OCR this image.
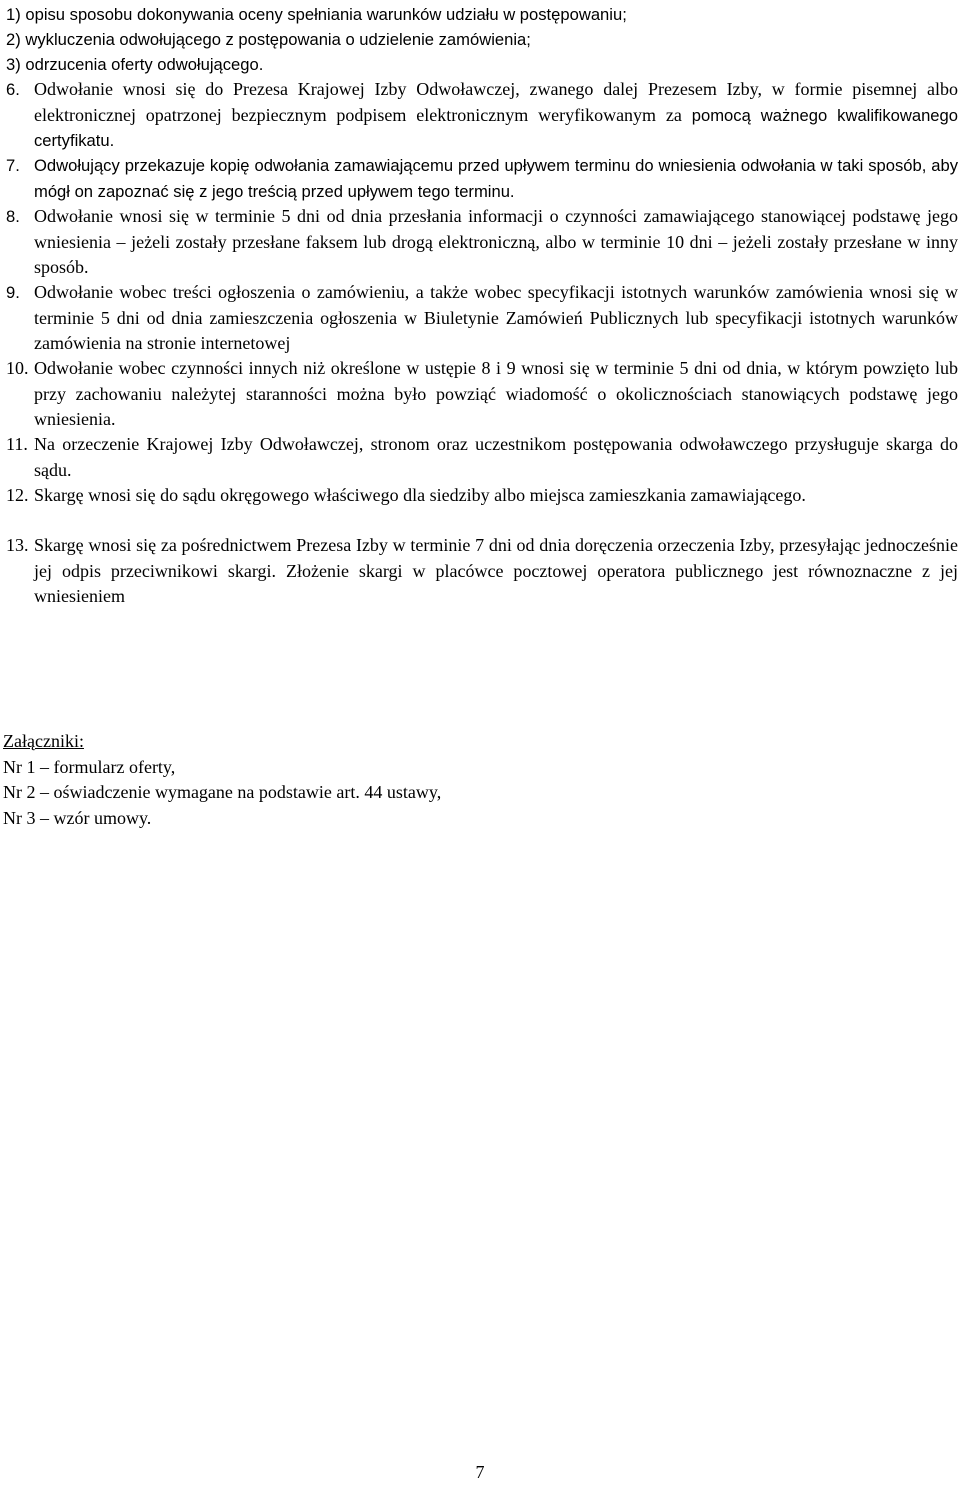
1) opisu sposobu dokonywania oceny spełniania warunków udziału w postępowaniu;
2) wykluczenia odwołującego z postępowania o udzielenie zamówienia;
3) odrzucenia oferty odwołującego.
6. Odwołanie wnosi się do Prezesa Krajowej Izby Odwoławczej, zwanego dalej Prezesem Izby, w formie pisemnej albo elektronicznej opatrzonej bezpiecznym podpisem elektronicznym weryfikowanym za pomocą ważnego kwalifikowanego certyfikatu.
7. Odwołujący przekazuje kopię odwołania zamawiającemu przed upływem terminu do wniesienia odwołania w taki sposób, aby mógł on zapoznać się z jego treścią przed upływem tego terminu.
8. Odwołanie wnosi się w terminie 5 dni od dnia przesłania informacji o czynności zamawiającego stanowiącej podstawę jego wniesienia – jeżeli zostały przesłane faksem lub drogą elektroniczną, albo w terminie 10 dni – jeżeli zostały przesłane w inny sposób.
9. Odwołanie wobec treści ogłoszenia o zamówieniu, a także wobec specyfikacji istotnych warunków zamówienia wnosi się w terminie 5 dni od dnia zamieszczenia ogłoszenia w Biuletynie Zamówień Publicznych lub specyfikacji istotnych warunków zamówienia na stronie internetowej
10. Odwołanie wobec czynności innych niż określone w ustępie 8 i 9 wnosi się w terminie 5 dni od dnia, w którym powzięto lub przy zachowaniu należytej staranności można było powziąć wiadomość o okolicznościach stanowiących podstawę jego wniesienia.
11. Na orzeczenie Krajowej Izby Odwoławczej, stronom oraz uczestnikom postępowania odwoławczego przysługuje skarga do sądu.
12. Skargę wnosi się do sądu okręgowego właściwego dla siedziby albo miejsca zamieszkania zamawiającego.
13. Skargę wnosi się za pośrednictwem Prezesa Izby w terminie 7 dni od dnia doręczenia orzeczenia Izby, przesyłając jednocześnie jej odpis przeciwnikowi skargi. Złożenie skargi w placówce pocztowej operatora publicznego jest równoznaczne z jej wniesieniem
Załączniki:
Nr 1 – formularz oferty,
Nr 2 – oświadczenie wymagane na podstawie art. 44 ustawy,
Nr 3 – wzór umowy.
7
